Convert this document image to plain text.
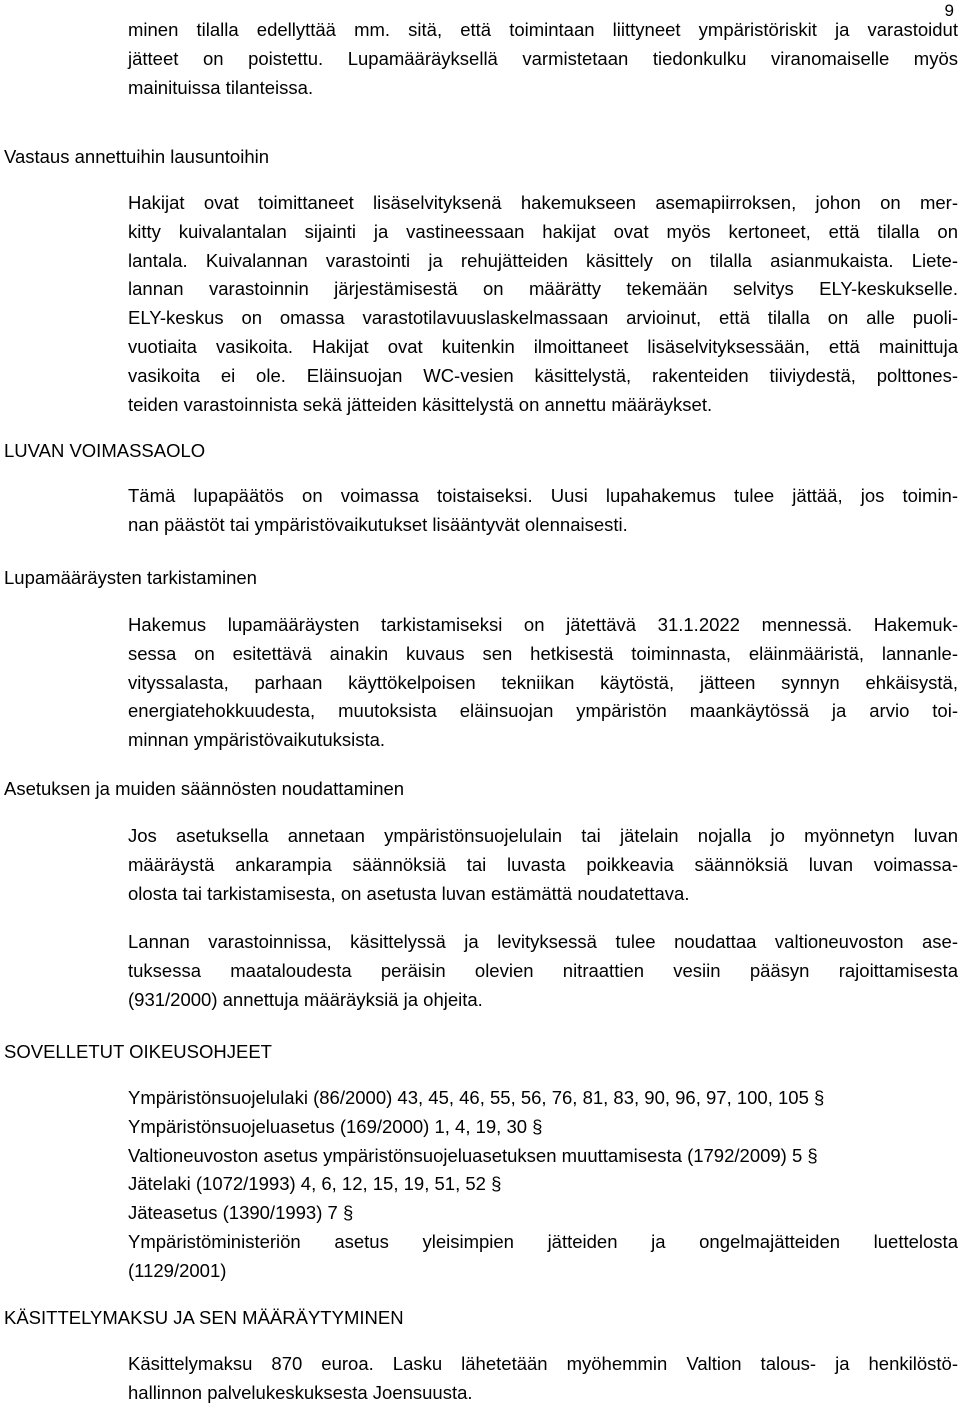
9
minen tilalla edellyttää mm. sitä, että toimintaan liittyneet ympäristöriskit ja varastoidut
jätteet on poistettu. Lupamääräyksellä varmistetaan tiedonkulku viranomaiselle myös
mainituissa tilanteissa.
Vastaus annettuihin lausuntoihin
Hakijat ovat toimittaneet lisäselvityksenä hakemukseen asemapiirroksen, johon on mer-
kitty kuivalantalan sijainti ja vastineessaan hakijat ovat myös kertoneet, että tilalla on
lantala. Kuivalannan varastointi ja rehujätteiden käsittely on tilalla asianmukaista. Liete-
lannan varastoinnin järjestämisestä on määrätty tekemään selvitys ELY-keskukselle.
ELY-keskus on omassa varastotilavuuslaskelmassaan arvioinut, että tilalla on alle puoli-
vuotiaita vasikoita. Hakijat ovat kuitenkin ilmoittaneet lisäselvityksessään, että mainittuja
vasikoita ei ole. Eläinsuojan WC-vesien käsittelystä, rakenteiden tiiviydestä, polttones-
teiden varastoinnista sekä jätteiden käsittelystä on annettu määräykset.
LUVAN VOIMASSAOLO
Tämä lupapäätös on voimassa toistaiseksi. Uusi lupahakemus tulee jättää, jos toimin-
nan päästöt tai ympäristövaikutukset lisääntyvät olennaisesti.
Lupamääräysten tarkistaminen
Hakemus lupamääräysten tarkistamiseksi on jätettävä 31.1.2022 mennessä. Hakemuk-
sessa on esitettävä ainakin kuvaus sen hetkisestä toiminnasta, eläinmääristä, lannanle-
vityssalasta, parhaan käyttökelpoisen tekniikan käytöstä, jätteen synnyn ehkäisystä,
energiatehokkuudesta, muutoksista eläinsuojan ympäristön maankäytössä ja arvio toi-
minnan ympäristövaikutuksista.
Asetuksen ja muiden säännösten noudattaminen
Jos asetuksella annetaan ympäristönsuojelulain tai jätelain nojalla jo myönnetyn luvan
määräystä ankarampia säännöksiä tai luvasta poikkeavia säännöksiä luvan voimassa-
olosta tai tarkistamisesta, on asetusta luvan estämättä noudatettava.
Lannan varastoinnissa, käsittelyssä ja levityksessä tulee noudattaa valtioneuvoston ase-
tuksessa maataloudesta peräisin olevien nitraattien vesiin pääsyn rajoittamisesta
(931/2000) annettuja määräyksiä ja ohjeita.
SOVELLETUT OIKEUSOHJEET
Ympäristönsuojelulaki (86/2000) 43, 45, 46, 55, 56, 76, 81, 83, 90, 96, 97, 100, 105 §
Ympäristönsuojeluasetus (169/2000) 1, 4, 19, 30 §
Valtioneuvoston asetus ympäristönsuojeluasetuksen muuttamisesta (1792/2009) 5 §
Jätelaki (1072/1993) 4, 6, 12, 15, 19, 51, 52 §
Jäteasetus (1390/1993) 7 §
Ympäristöministeriön asetus yleisimpien jätteiden ja ongelmajätteiden luettelosta
(1129/2001)
KÄSITTELYMAKSU JA SEN MÄÄRÄYTYMINEN
Käsittelymaksu 870 euroa. Lasku lähetetään myöhemmin Valtion talous- ja henkilöstö-
hallinnon palvelukeskuksesta Joensuusta.
